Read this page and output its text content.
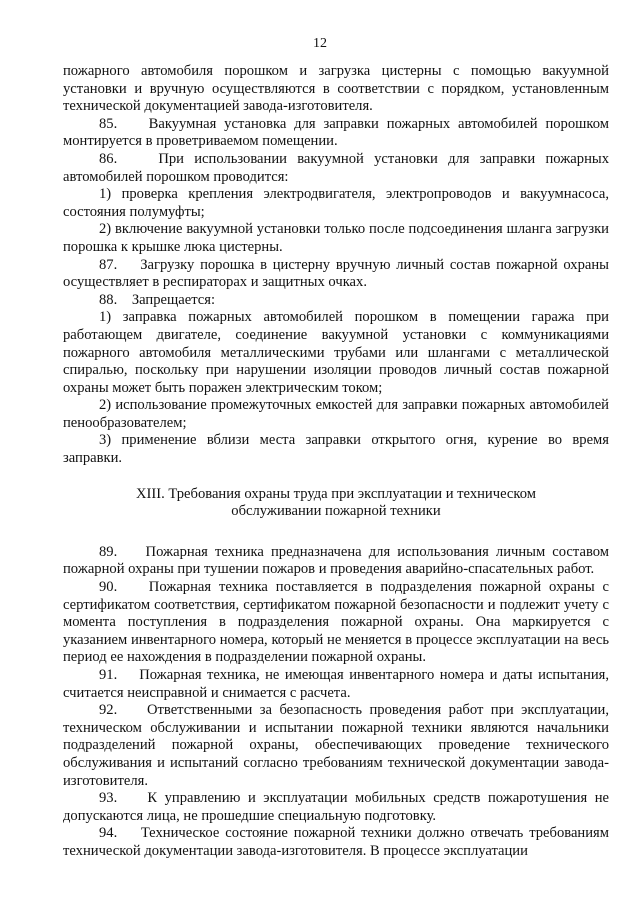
12

пожарного автомобиля порошком и загрузка цистерны с помощью вакуумной установки и вручную осуществляются в соответствии с порядком, установленным технической документацией завода-изготовителя.

85.    Вакуумная установка для заправки пожарных автомобилей порошком монтируется в проветриваемом помещении.

86.    При использовании вакуумной установки для заправки пожарных автомобилей порошком проводится:

1) проверка крепления электродвигателя, электропроводов и вакуумнасоса, состояния полумуфты;

2) включение вакуумной установки только после подсоединения шланга загрузки порошка к крышке люка цистерны.

87.    Загрузку порошка в цистерну вручную личный состав пожарной охраны осуществляет в респираторах и защитных очках.

88.    Запрещается:

1) заправка пожарных автомобилей порошком в помещении гаража при работающем двигателе, соединение вакуумной установки с коммуникациями пожарного автомобиля металлическими трубами или шлангами с металлической спиралью, поскольку при нарушении изоляции проводов личный состав пожарной охраны может быть поражен электрическим током;

2) использование промежуточных емкостей для заправки пожарных автомобилей пенообразователем;

3) применение вблизи места заправки открытого огня, курение во время заправки.

XIII. Требования охраны труда при эксплуатации и техническом
обслуживании пожарной техники

89.    Пожарная техника предназначена для использования личным составом пожарной охраны при тушении пожаров и проведения аварийно-спасательных работ.

90.    Пожарная техника поставляется в подразделения пожарной охраны с сертификатом соответствия, сертификатом пожарной безопасности и подлежит учету с момента поступления в подразделения пожарной охраны. Она маркируется с указанием инвентарного номера, который не меняется в процессе эксплуатации на весь период ее нахождения в подразделении пожарной охраны.

91.    Пожарная техника, не имеющая инвентарного номера и даты испытания, считается неисправной и снимается с расчета.

92.    Ответственными за безопасность проведения работ при эксплуатации, техническом обслуживании и испытании пожарной техники являются начальники подразделений пожарной охраны, обеспечивающих проведение технического обслуживания и испытаний согласно требованиям технической документации завода-изготовителя.

93.    К управлению и эксплуатации мобильных средств пожаротушения не допускаются лица, не прошедшие специальную подготовку.

94.    Техническое состояние пожарной техники должно отвечать требованиям технической документации завода-изготовителя. В процессе эксплуатации
